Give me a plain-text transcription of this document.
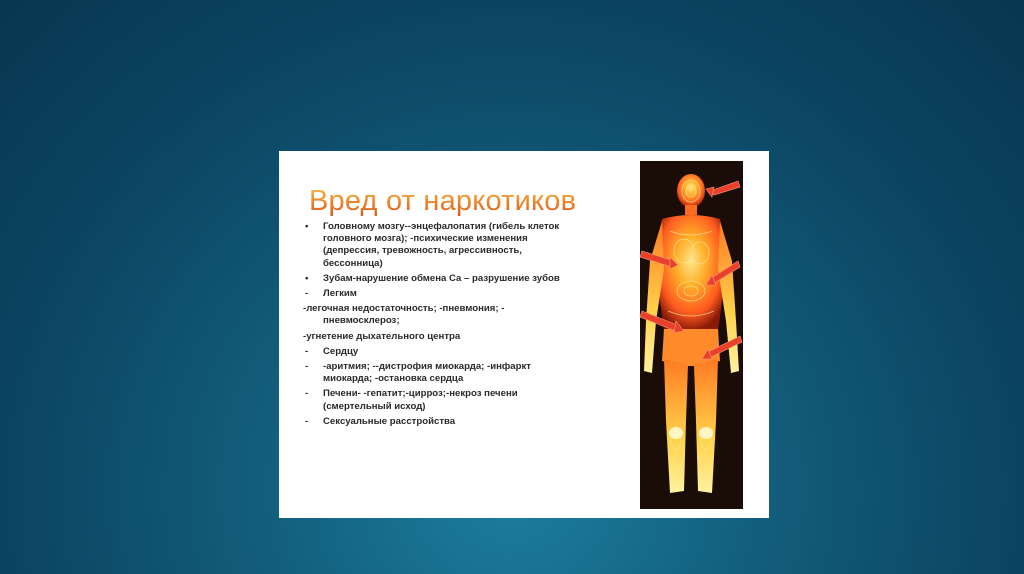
Вред от наркотиков
•	Головному мозгу--энцефалопатия (гибель клеток
головного мозга); -психические изменения
(депрессия, тревожность, агрессивность,
бессонница)
•	Зубам-нарушение обмена Са – разрушение зубов
-	Легким
-легочная недостаточность; -пневмония; -
пневмосклероз;
-угнетение дыхательного центра
-	Сердцу
-	-аритмия; --дистрофия миокарда; -инфаркт
миокарда; -остановка сердца
-	Печени- -гепатит;-цирроз;-некроз печени
(смертельный исход)
-	Сексуальные расстройства
